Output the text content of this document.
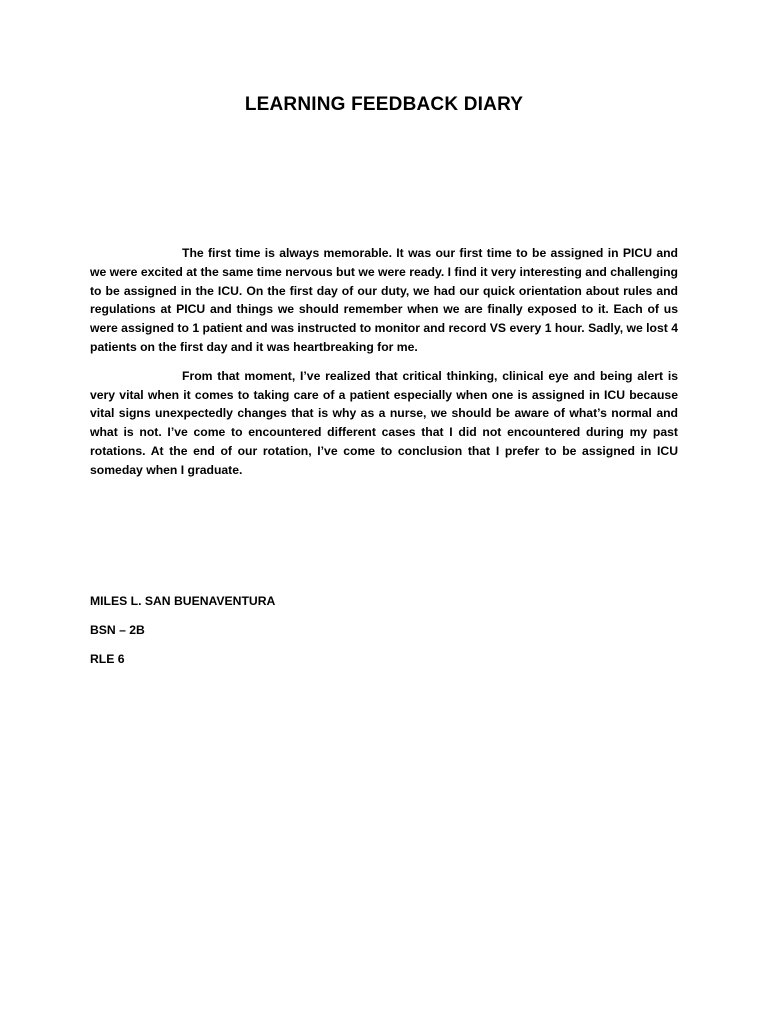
LEARNING FEEDBACK DIARY

The first time is always memorable. It was our first time to be assigned in PICU and we were excited at the same time nervous but we were ready. I find it very interesting and challenging to be assigned in the ICU. On the first day of our duty, we had our quick orientation about rules and regulations at PICU and things we should remember when we are finally exposed to it. Each of us were assigned to 1 patient and was instructed to monitor and record VS every 1 hour. Sadly, we lost 4 patients on the first day and it was heartbreaking for me.

From that moment, I’ve realized that critical thinking, clinical eye and being alert is very vital when it comes to taking care of a patient especially when one is assigned in ICU because vital signs unexpectedly changes that is why as a nurse, we should be aware of what’s normal and what is not. I’ve come to encountered different cases that I did not encountered during my past rotations. At the end of our rotation, I’ve come to conclusion that I prefer to be assigned in ICU someday when I graduate.

MILES L. SAN BUENAVENTURA

BSN – 2B

RLE 6
